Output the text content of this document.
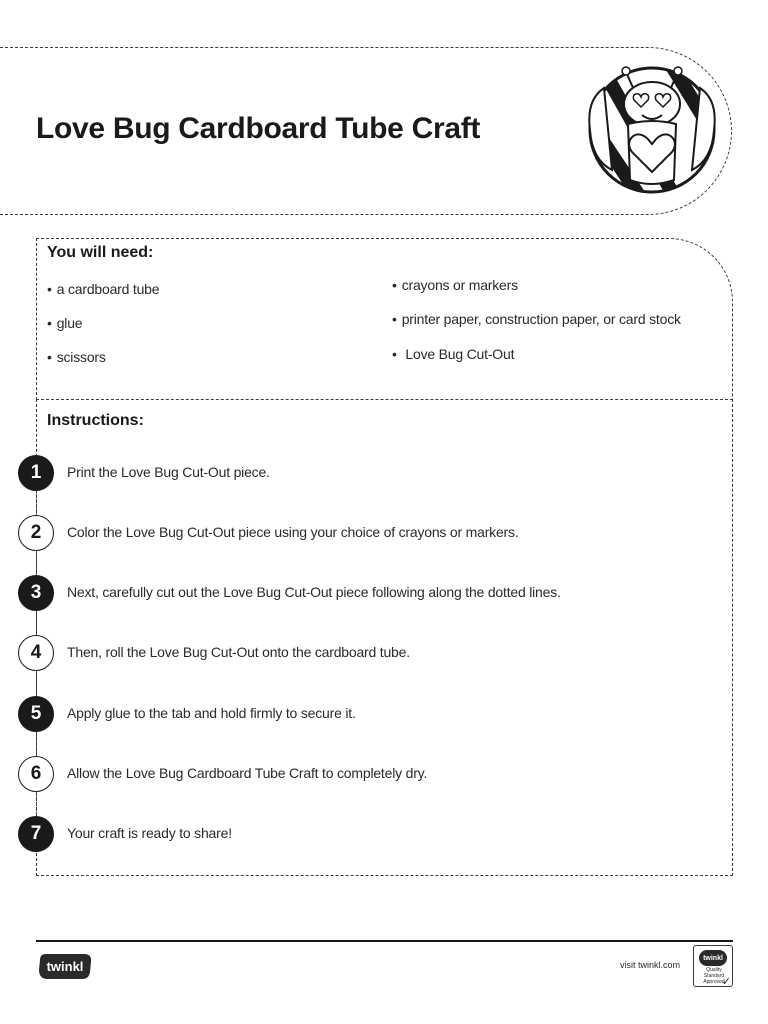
Love Bug Cardboard Tube Craft
You will need:
• a cardboard tube
• glue
• scissors
• crayons or markers
• printer paper, construction paper, or card stock
• Love Bug Cut-Out
Instructions:
1	Print the Love Bug Cut-Out piece.
2	Color the Love Bug Cut-Out piece using your choice of crayons or markers.
3	Next, carefully cut out the Love Bug Cut-Out piece following along the dotted lines.
4	Then, roll the Love Bug Cut-Out onto the cardboard tube.
5	Apply glue to the tab and hold firmly to secure it.
6	Allow the Love Bug Cardboard Tube Craft to completely dry.
7	Your craft is ready to share!
twinkl	visit twinkl.com
twinkl
Quality Standard Approved
✓
